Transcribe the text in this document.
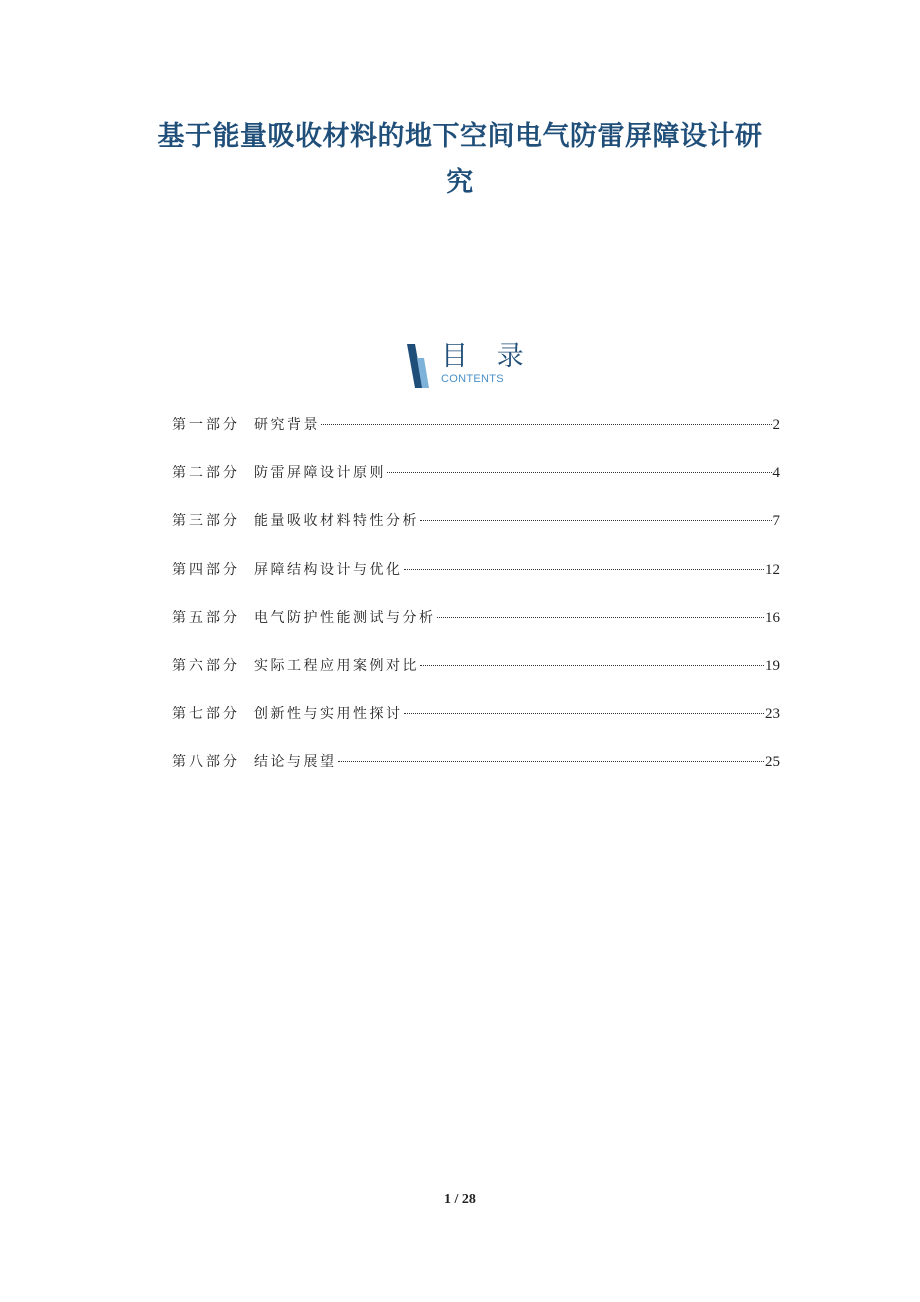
基于能量吸收材料的地下空间电气防雷屏障设计研
究
目 录
CONTENTS
第一部分	研究背景	2
第二部分	防雷屏障设计原则	4
第三部分	能量吸收材料特性分析	7
第四部分	屏障结构设计与优化	12
第五部分	电气防护性能测试与分析	16
第六部分	实际工程应用案例对比	19
第七部分	创新性与实用性探讨	23
第八部分	结论与展望	25
1 / 28
